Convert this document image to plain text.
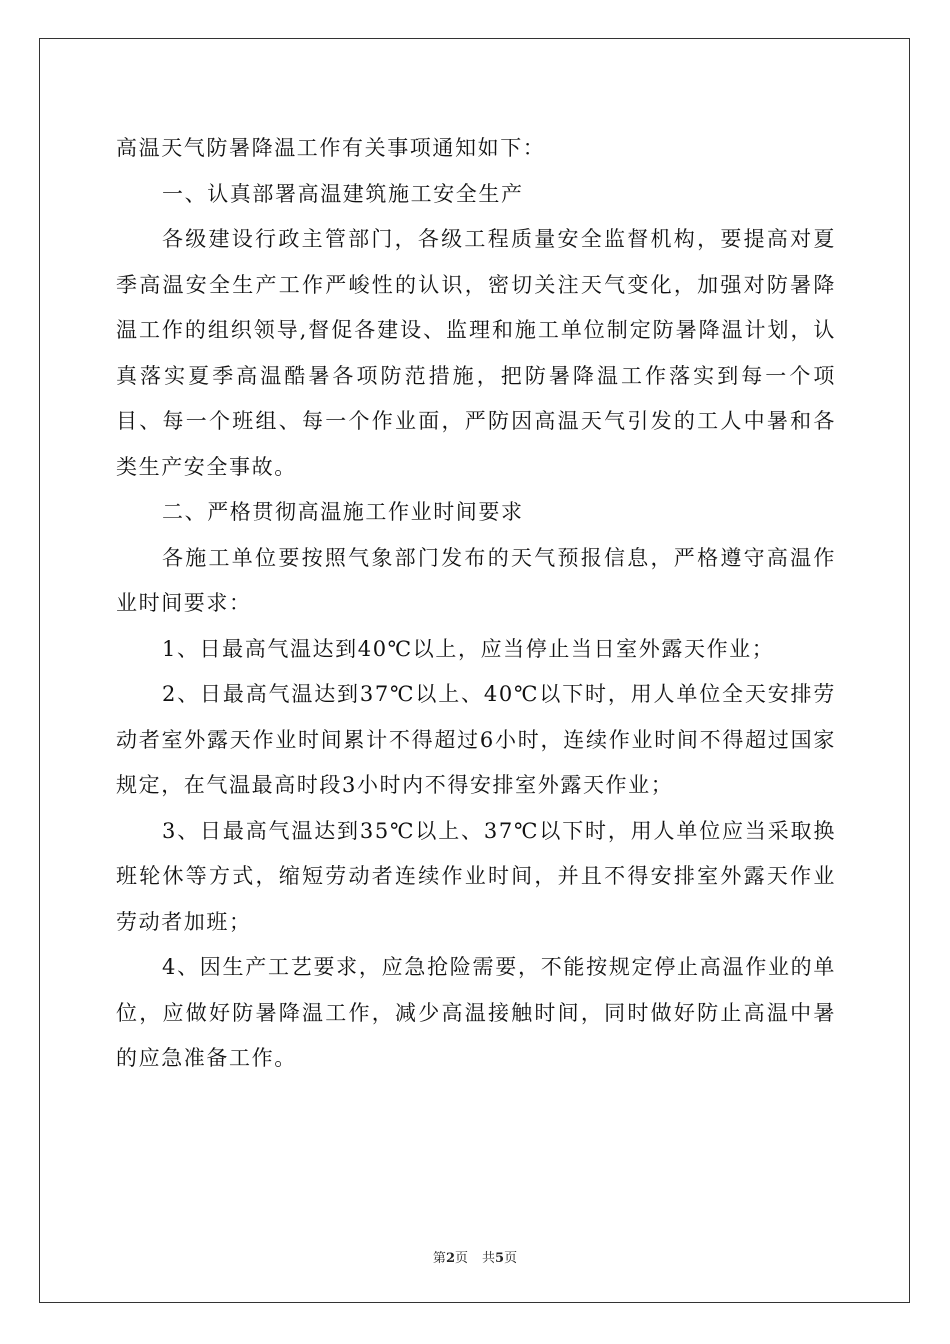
高温天气防暑降温工作有关事项通知如下：

一、认真部署高温建筑施工安全生产

各级建设行政主管部门，各级工程质量安全监督机构，要提高对夏季高温安全生产工作严峻性的认识，密切关注天气变化，加强对防暑降温工作的组织领导,督促各建设、监理和施工单位制定防暑降温计划，认真落实夏季高温酷暑各项防范措施，把防暑降温工作落实到每一个项目、每一个班组、每一个作业面，严防因高温天气引发的工人中暑和各类生产安全事故。

二、严格贯彻高温施工作业时间要求

各施工单位要按照气象部门发布的天气预报信息，严格遵守高温作业时间要求：

1、日最高气温达到40℃以上，应当停止当日室外露天作业；

2、日最高气温达到37℃以上、40℃以下时，用人单位全天安排劳动者室外露天作业时间累计不得超过6小时，连续作业时间不得超过国家规定，在气温最高时段3小时内不得安排室外露天作业；

3、日最高气温达到35℃以上、37℃以下时，用人单位应当采取换班轮休等方式，缩短劳动者连续作业时间，并且不得安排室外露天作业劳动者加班；

4、因生产工艺要求，应急抢险需要，不能按规定停止高温作业的单位，应做好防暑降温工作，减少高温接触时间，同时做好防止高温中暑的应急准备工作。

第2页 共5页
